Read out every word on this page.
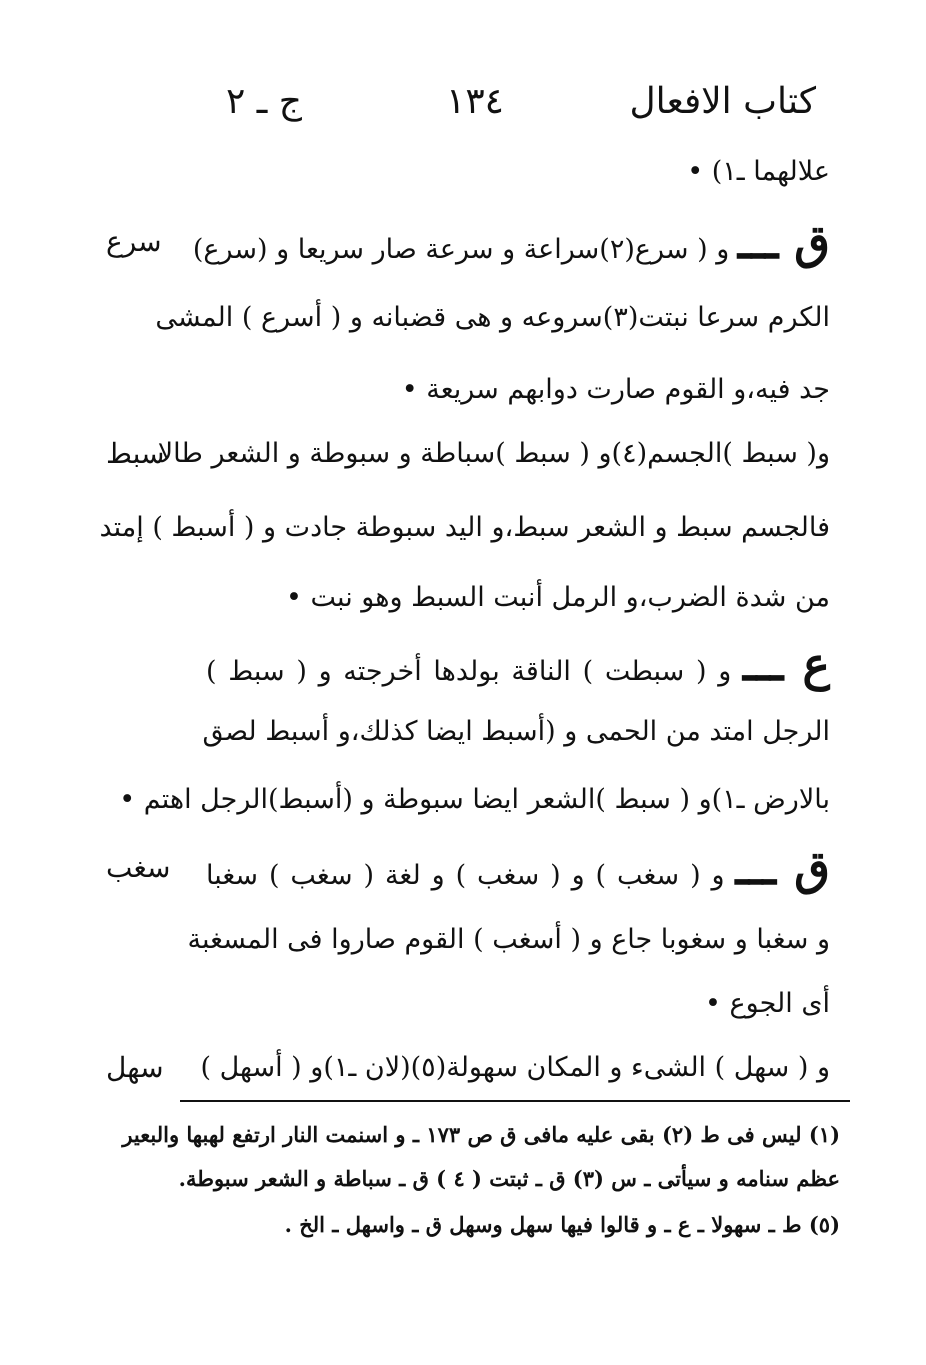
كتاب الافعال
١٣٤
ج ـ ٢
علالهما ـ١) •
سرع	ق ـــ و ( سرع(٢)سراعة و سرعة صار سريعا و (سرع)
الكرم سرعا نبتت(٣)سروعه و هى قضبانه و ( أسرع ) المشى
جد فيه،و القوم صارت دوابهم سريعة •
سبط
و( سبط )الجسم(٤)و ( سبط )سباطة و سبوطة و الشعر طالا
فالجسم سبط و الشعر سبط،و اليد سبوطة جادت و ( أسبط ) إمتد
من شدة الضرب،و الرمل أنبت السبط وهو نبت •
ع ـــ و ( سبطت ) الناقة بولدها أخرجته و ( سبط )
الرجل امتد من الحمى و (أسبط ايضا كذلك،و أسبط لصق
بالارض ـ١)و ( سبط )الشعر ايضا سبوطة و (أسبط)الرجل اهتم •
سغب	ق ـــ و ( سغب ) و ( سغب ) و لغة ( سغب ) سغبا
و سغبا و سغوبا جاع و ( أسغب ) القوم صاروا فى المسغبة
أى الجوع •
سهل و ( سهل ) الشىء و المكان سهولة(٥)(لان ـ١)و ( أسهل )
(١) ليس فى ط (٢) بقى عليه مافى ق ص ١٧٣ ـ و اسنمت النار ارتفع لهبها والبعير
عظم سنامه و سيأتى ـ س (٣) ق ـ ثبتت ( ٤ ) ق ـ سباطة و الشعر سبوطة.
(٥) ط ـ سهولا ـ ع ـ و قالوا فيها سهل وسهل ق ـ واسهل ـ الخ .
